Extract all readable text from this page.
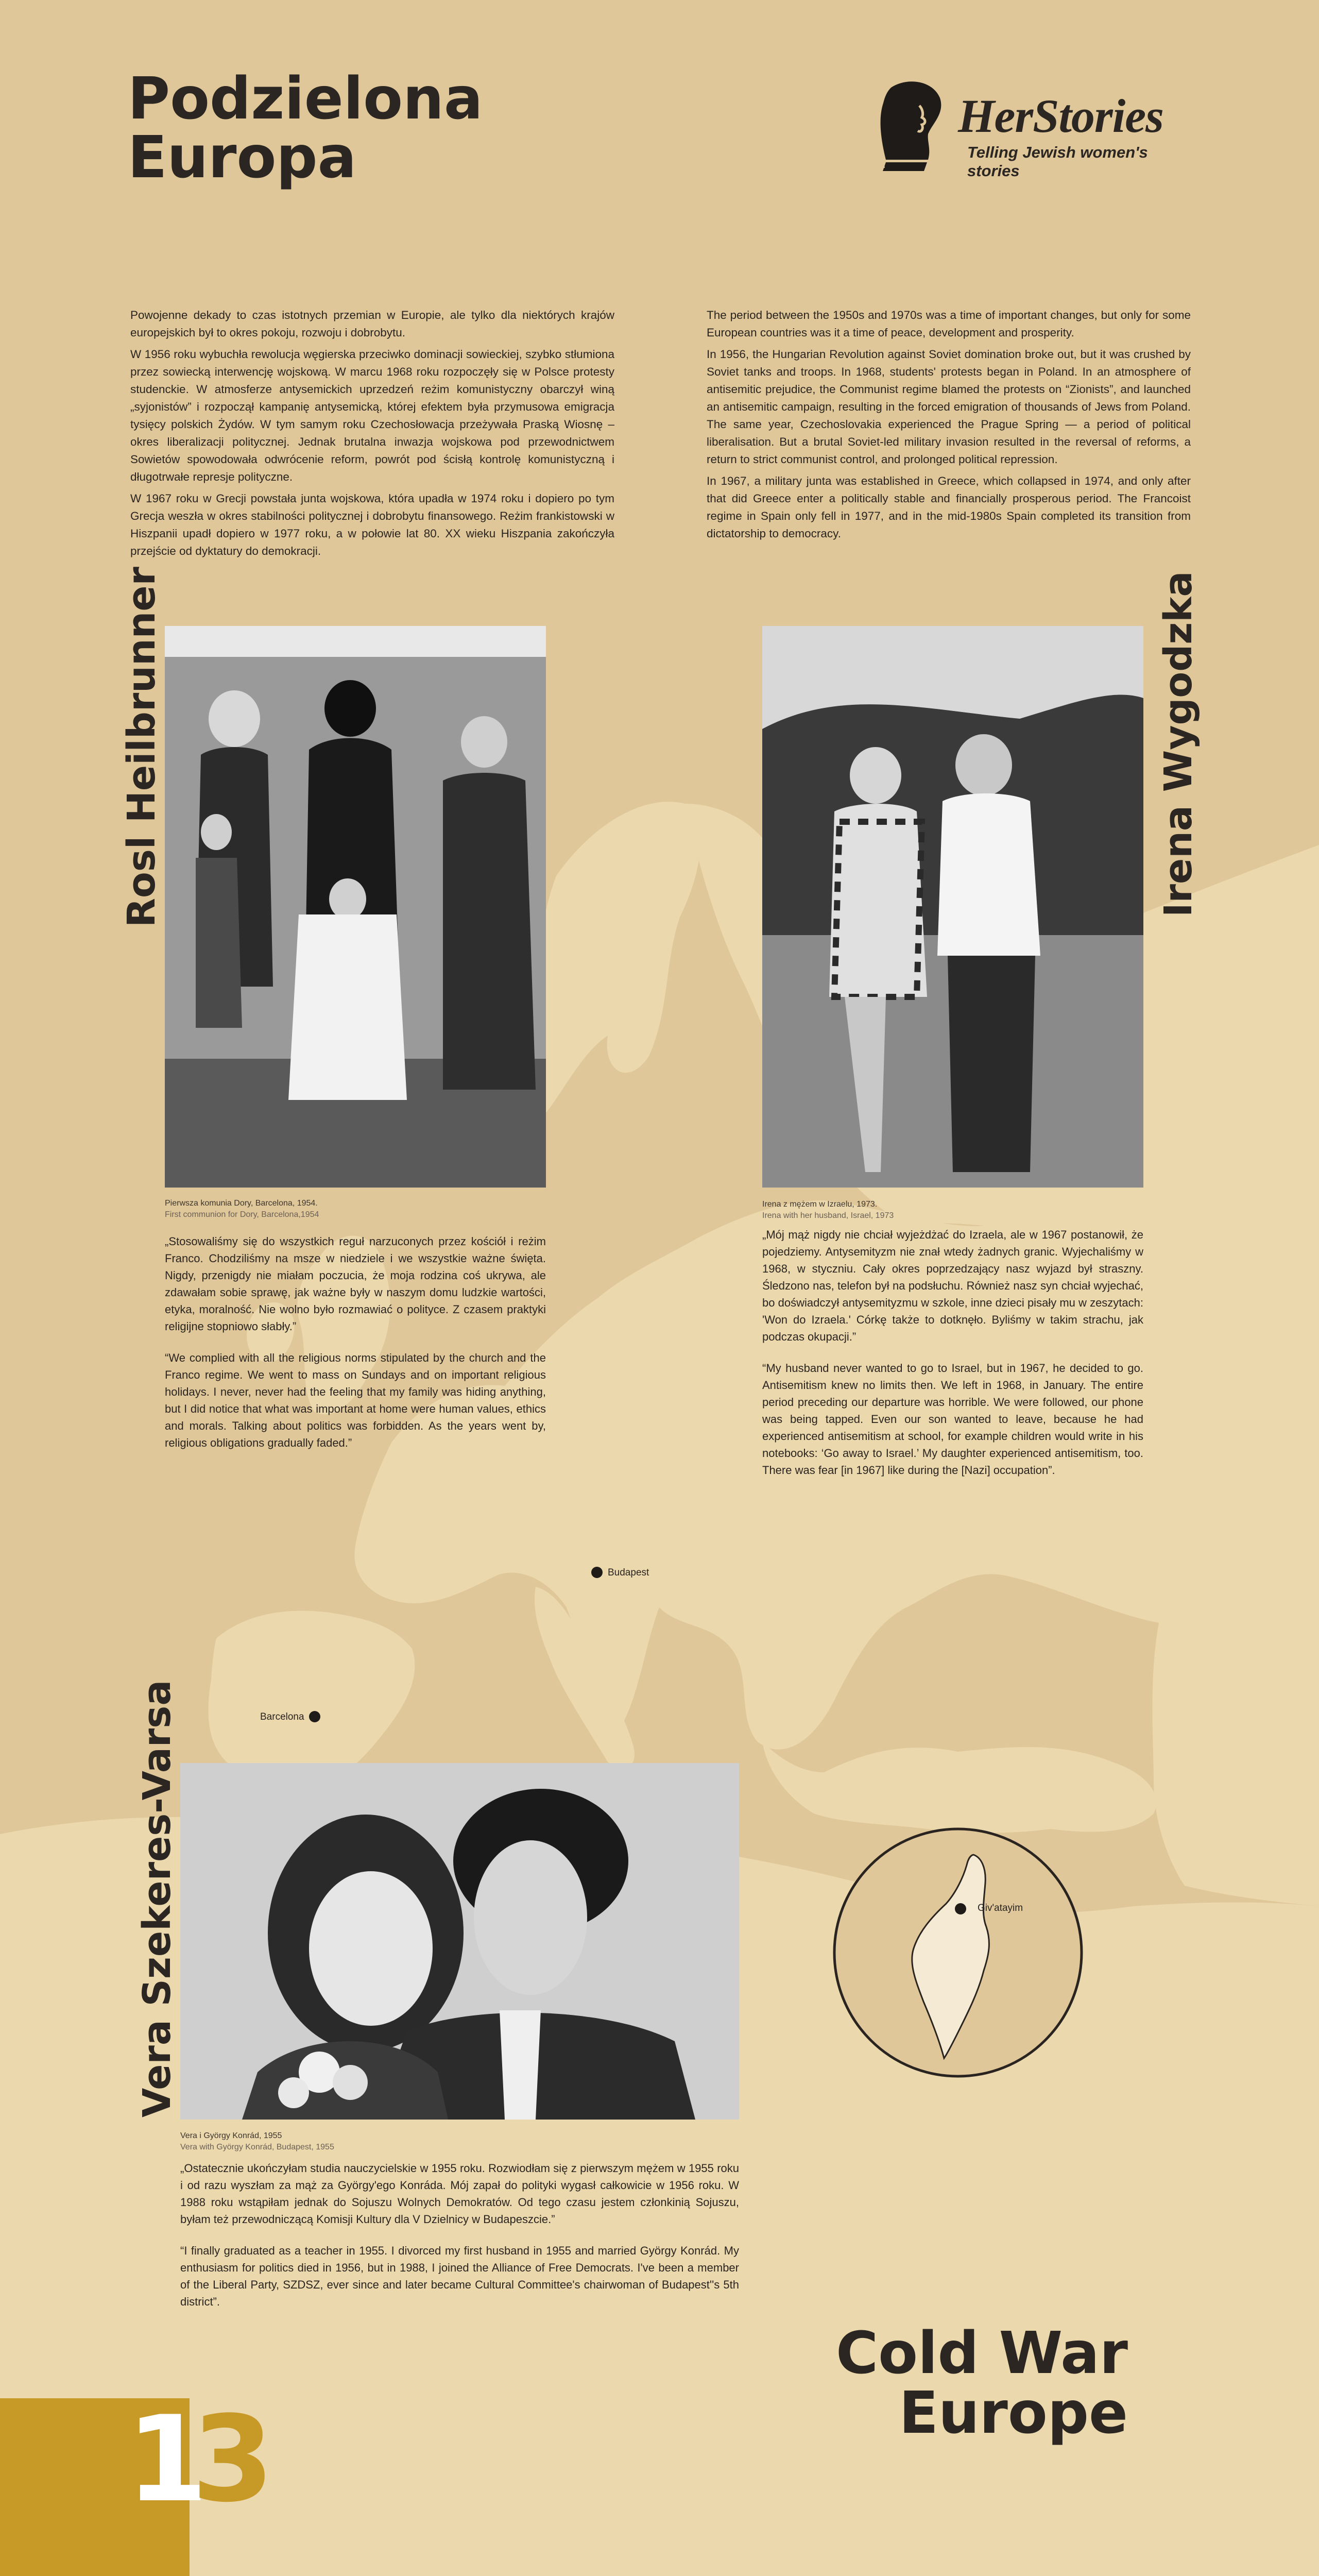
Podzielona
Europa
HerStories
Telling Jewish women's stories

Powojenne dekady to czas istotnych przemian w Europie, ale tylko dla niektórych krajów europejskich był to okres pokoju, rozwoju i dobrobytu.

W 1956 roku wybuchła rewolucja węgierska przeciwko dominacji sowieckiej, szybko stłumiona przez sowiecką interwencję wojskową. W marcu 1968 roku rozpoczęły się w Polsce protesty studenckie. W atmosferze antysemickich uprzedzeń reżim komunistyczny obarczył winą „syjonistów” i rozpoczął kampanię antysemicką, której efektem była przymusowa emigracja tysięcy polskich Żydów. W tym samym roku Czechosłowacja przeżywała Praską Wiosnę – okres liberalizacji politycznej. Jednak brutalna inwazja wojskowa pod przewodnictwem Sowietów spowodowała odwrócenie reform, powrót pod ścisłą kontrolę komunistyczną i długotrwałe represje polityczne.

W 1967 roku w Grecji powstała junta wojskowa, która upadła w 1974 roku i dopiero po tym Grecja weszła w okres stabilności politycznej i dobrobytu finansowego. Reżim frankistowski w Hiszpanii upadł dopiero w 1977 roku, a w połowie lat 80. XX wieku Hiszpania zakończyła przejście od dyktatury do demokracji.

The period between the 1950s and 1970s was a time of important changes, but only for some European countries was it a time of peace, development and prosperity.

In 1956, the Hungarian Revolution against Soviet domination broke out, but it was crushed by Soviet tanks and troops. In 1968, students' protests began in Poland. In an atmosphere of antisemitic prejudice, the Communist regime blamed the protests on “Zionists”, and launched an antisemitic campaign, resulting in the forced emigration of thousands of Jews from Poland. The same year, Czechoslovakia experienced the Prague Spring — a period of political liberalisation. But a brutal Soviet-led military invasion resulted in the reversal of reforms, a return to strict communist control, and prolonged political repression.

In 1967, a military junta was established in Greece, which collapsed in 1974, and only after that did Greece enter a politically stable and financially prosperous period. The Francoist regime in Spain only fell in 1977, and in the mid-1980s Spain completed its transition from dictatorship to democracy.

Rosl Heilbrunner
Pierwsza komunia Dory, Barcelona, 1954.
First communion for Dory, Barcelona,1954

„Stosowaliśmy się do wszystkich reguł narzuconych przez kościół i reżim Franco. Chodziliśmy na msze w niedziele i we wszystkie ważne święta. Nigdy, przenigdy nie miałam poczucia, że moja rodzina coś ukrywa, ale zdawałam sobie sprawę, jak ważne były w naszym domu ludzkie wartości, etyka, moralność. Nie wolno było rozmawiać o polityce. Z czasem praktyki religijne stopniowo słabły.”

“We complied with all the religious norms stipulated by the church and the Franco regime. We went to mass on Sundays and on important religious holidays. I never, never had the feeling that my family was hiding anything, but I did notice that what was important at home were human values, ethics and morals. Talking about politics was forbidden. As the years went by, religious obligations gradually faded.”

Irena Wygodzka
Irena z mężem w Izraelu, 1973.
Irena with her husband, Israel, 1973

„Mój mąż nigdy nie chciał wyjeżdżać do Izraela, ale w 1967 postanowił, że pojedziemy. Antysemityzm nie znał wtedy żadnych granic. Wyjechaliśmy w 1968, w styczniu. Cały okres poprzedzający nasz wyjazd był straszny. Śledzono nas, telefon był na podsłuchu. Również nasz syn chciał wyjechać, bo doświadczył antysemityzmu w szkole, inne dzieci pisały mu w zeszytach: 'Won do Izraela.' Córkę także to dotknęło. Byliśmy w takim strachu, jak podczas okupacji.”

“My husband never wanted to go to Israel, but in 1967, he decided to go. Antisemitism knew no limits then. We left in 1968, in January. The entire period preceding our departure was horrible. We were followed, our phone was being tapped. Even our son wanted to leave, because he had experienced antisemitism at school, for example children would write in his notebooks: ‘Go away to Israel.’ My daughter experienced antisemitism, too. There was fear [in 1967] like during the [Nazi] occupation”.

Budapest
Barcelona
Vera Szekeres-Varsa
Vera i György Konrád, 1955
Vera with György Konrád, Budapest, 1955

„Ostatecznie ukończyłam studia nauczycielskie w 1955 roku. Rozwiodłam się z pierwszym mężem w 1955 roku i od razu wyszłam za mąż za György'ego Konráda. Mój zapał do polityki wygasł całkowicie w 1956 roku. W 1988 roku wstąpiłam jednak do Sojuszu Wolnych Demokratów. Od tego czasu jestem członkinią Sojuszu, byłam też przewodniczącą Komisji Kultury dla V Dzielnicy w Budapeszcie.”

“I finally graduated as a teacher in 1955. I divorced my first husband in 1955 and married György Konrád. My enthusiasm for politics died in 1956, but in 1988, I joined the Alliance of Free Democrats. I've been a member of the Liberal Party, SZDSZ, ever since and later became Cultural Committee's chairwoman of Budapest''s 5th district”.

Giv'atayim
Cold War
Europe
1
3
